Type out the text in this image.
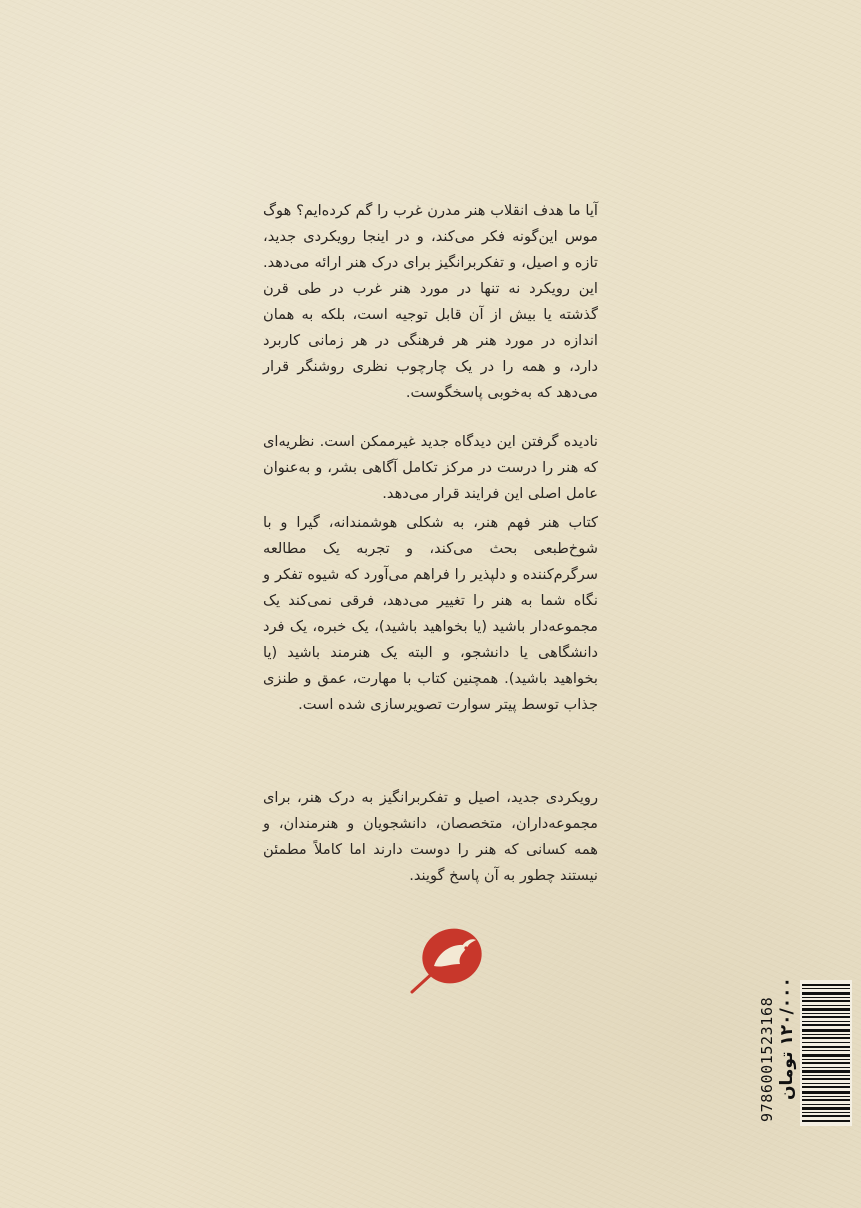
آیا ما هدف انقلاب هنر مدرن غرب را گم کرده‌ایم؟ هوگ موس این‌گونه فکر می‌کند، و در اینجا رویکردی جدید، تازه و اصیل، و تفکربرانگیز برای درک هنر ارائه می‌دهد. این رویکرد نه تنها در مورد هنر غرب در طی قرن گذشته یا بیش از آن قابل توجیه است، بلکه به همان اندازه در مورد هنر هر فرهنگی در هر زمانی کاربرد دارد، و همه را در یک چارچوب نظری روشنگر قرار می‌دهد که به‌خوبی پاسخگوست.

نادیده گرفتن این دیدگاه جدید غیرممکن است. نظریه‌ای که هنر را درست در مرکز تکامل آگاهی بشر، و به‌عنوان عامل اصلی این فرایند قرار می‌دهد.

کتاب هنر فهم هنر، به شکلی هوشمندانه، گیرا و با شوخ‌طبعی بحث می‌کند، و تجربه یک مطالعه سرگرم‌کننده و دلپذیر را فراهم می‌آورد که شیوه تفکر و نگاه شما به هنر را تغییر می‌دهد، فرقی نمی‌کند یک مجموعه‌دار باشید (یا بخواهید باشید)، یک خبره، یک فرد دانشگاهی یا دانشجو، و البته یک هنرمند باشید (یا بخواهید باشید). همچنین کتاب با مهارت، عمق و طنزی جذاب توسط پیتر سوارت تصویرسازی شده است.

رویکردی جدید، اصیل و تفکربرانگیز به درک هنر، برای مجموعه‌داران، متخصصان، دانشجویان و هنرمندان، و همه کسانی که هنر را دوست دارند اما کاملاً مطمئن نیستند چطور به آن پاسخ گویند.

9786001523168 ۱۲۰/۰۰۰ تومان
